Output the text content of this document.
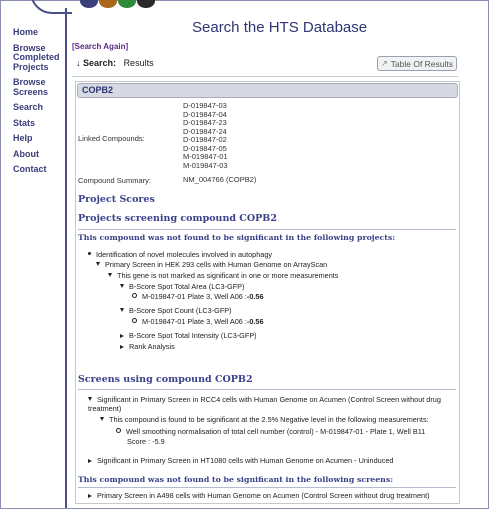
Home
Browse Completed Projects
Browse Screens
Search
Stats
Help
About
Contact
Search the HTS Database
[Search Again]
↓ Search: Results	↗ Table Of Results
COPB2
Linked Compounds:
D-019847-03
D-019847-04
D-019847-23
D-019847-24
D-019847-02
D-019847-05
M-019847-01
M-019847-03
Compound Summary:	NM_004766 (COPB2)
Project Scores
Projects screening compound COPB2
This compound was not found to be significant in the following projects:
Identification of novel molecules involved in autophagy
Primary Screen in HEK 293 cells with Human Genome on ArrayScan
This gene is not marked as significant in one or more measurements
B-Score Spot Total Area (LC3-GFP)
M-019847-01 Plate 3, Well A06 :-0.56
B-Score Spot Count (LC3-GFP)
M-019847-01 Plate 3, Well A06 :-0.56
B-Score Spot Total Intensity (LC3-GFP)
Rank Analysis
Screens using compound COPB2
Significant in Primary Screen in RCC4 cells with Human Genome on Acumen (Control Screen without drug treatment)
This compound is found to be significant at the 2.5% Negative level in the following measurements:
Well smoothing normalisation of total cell number (control) - M-019847-01 - Plate 1, Well B11
Score : -5.9
Significant in Primary Screen in HT1080 cells with Human Genome on Acumen - Uninduced
This compound was not found to be significant in the following screens:
Primary Screen in A498 cells with Human Genome on Acumen (Control Screen without drug treatment)
